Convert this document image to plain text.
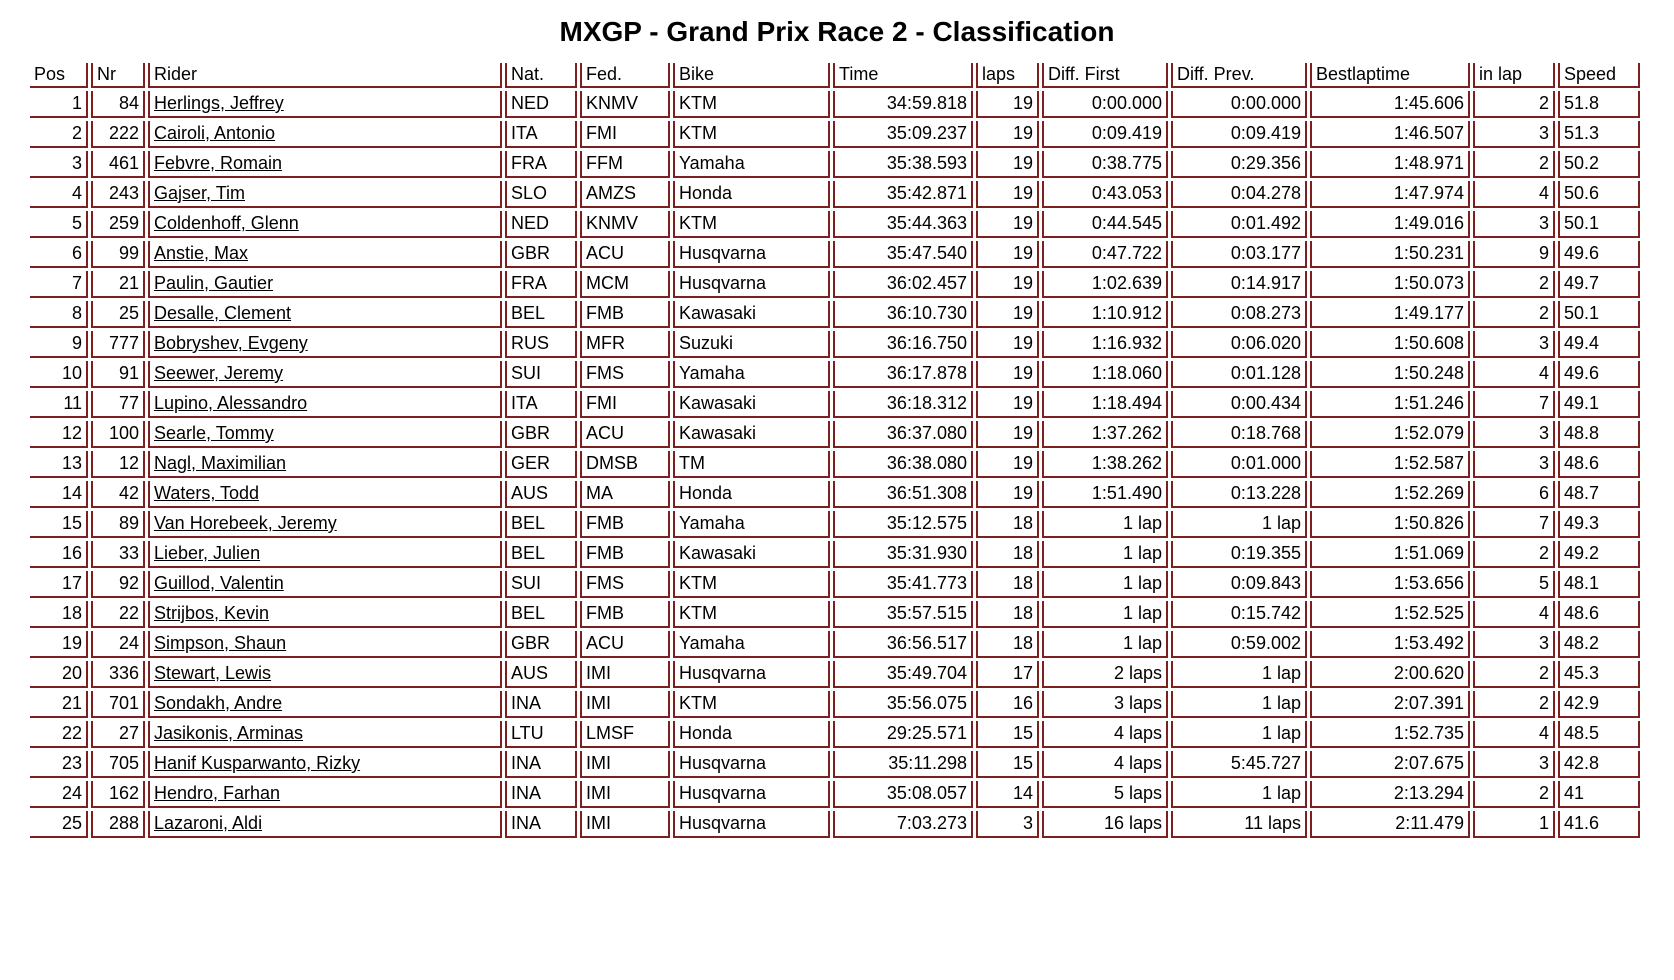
MXGP - Grand Prix Race 2 - Classification
Pos	Nr	Rider	Nat.	Fed.	Bike	Time	laps	Diff. First	Diff. Prev.	Bestlaptime	in lap	Speed
1	84	Herlings, Jeffrey	NED	KNMV	KTM	34:59.818	19	0:00.000	0:00.000	1:45.606	2	51.8
2	222	Cairoli, Antonio	ITA	FMI	KTM	35:09.237	19	0:09.419	0:09.419	1:46.507	3	51.3
3	461	Febvre, Romain	FRA	FFM	Yamaha	35:38.593	19	0:38.775	0:29.356	1:48.971	2	50.2
4	243	Gajser, Tim	SLO	AMZS	Honda	35:42.871	19	0:43.053	0:04.278	1:47.974	4	50.6
5	259	Coldenhoff, Glenn	NED	KNMV	KTM	35:44.363	19	0:44.545	0:01.492	1:49.016	3	50.1
6	99	Anstie, Max	GBR	ACU	Husqvarna	35:47.540	19	0:47.722	0:03.177	1:50.231	9	49.6
7	21	Paulin, Gautier	FRA	MCM	Husqvarna	36:02.457	19	1:02.639	0:14.917	1:50.073	2	49.7
8	25	Desalle, Clement	BEL	FMB	Kawasaki	36:10.730	19	1:10.912	0:08.273	1:49.177	2	50.1
9	777	Bobryshev, Evgeny	RUS	MFR	Suzuki	36:16.750	19	1:16.932	0:06.020	1:50.608	3	49.4
10	91	Seewer, Jeremy	SUI	FMS	Yamaha	36:17.878	19	1:18.060	0:01.128	1:50.248	4	49.6
11	77	Lupino, Alessandro	ITA	FMI	Kawasaki	36:18.312	19	1:18.494	0:00.434	1:51.246	7	49.1
12	100	Searle, Tommy	GBR	ACU	Kawasaki	36:37.080	19	1:37.262	0:18.768	1:52.079	3	48.8
13	12	Nagl, Maximilian	GER	DMSB	TM	36:38.080	19	1:38.262	0:01.000	1:52.587	3	48.6
14	42	Waters, Todd	AUS	MA	Honda	36:51.308	19	1:51.490	0:13.228	1:52.269	6	48.7
15	89	Van Horebeek, Jeremy	BEL	FMB	Yamaha	35:12.575	18	1 lap	1 lap	1:50.826	7	49.3
16	33	Lieber, Julien	BEL	FMB	Kawasaki	35:31.930	18	1 lap	0:19.355	1:51.069	2	49.2
17	92	Guillod, Valentin	SUI	FMS	KTM	35:41.773	18	1 lap	0:09.843	1:53.656	5	48.1
18	22	Strijbos, Kevin	BEL	FMB	KTM	35:57.515	18	1 lap	0:15.742	1:52.525	4	48.6
19	24	Simpson, Shaun	GBR	ACU	Yamaha	36:56.517	18	1 lap	0:59.002	1:53.492	3	48.2
20	336	Stewart, Lewis	AUS	IMI	Husqvarna	35:49.704	17	2 laps	1 lap	2:00.620	2	45.3
21	701	Sondakh, Andre	INA	IMI	KTM	35:56.075	16	3 laps	1 lap	2:07.391	2	42.9
22	27	Jasikonis, Arminas	LTU	LMSF	Honda	29:25.571	15	4 laps	1 lap	1:52.735	4	48.5
23	705	Hanif Kusparwanto, Rizky	INA	IMI	Husqvarna	35:11.298	15	4 laps	5:45.727	2:07.675	3	42.8
24	162	Hendro, Farhan	INA	IMI	Husqvarna	35:08.057	14	5 laps	1 lap	2:13.294	2	41
25	288	Lazaroni, Aldi	INA	IMI	Husqvarna	7:03.273	3	16 laps	11 laps	2:11.479	1	41.6
